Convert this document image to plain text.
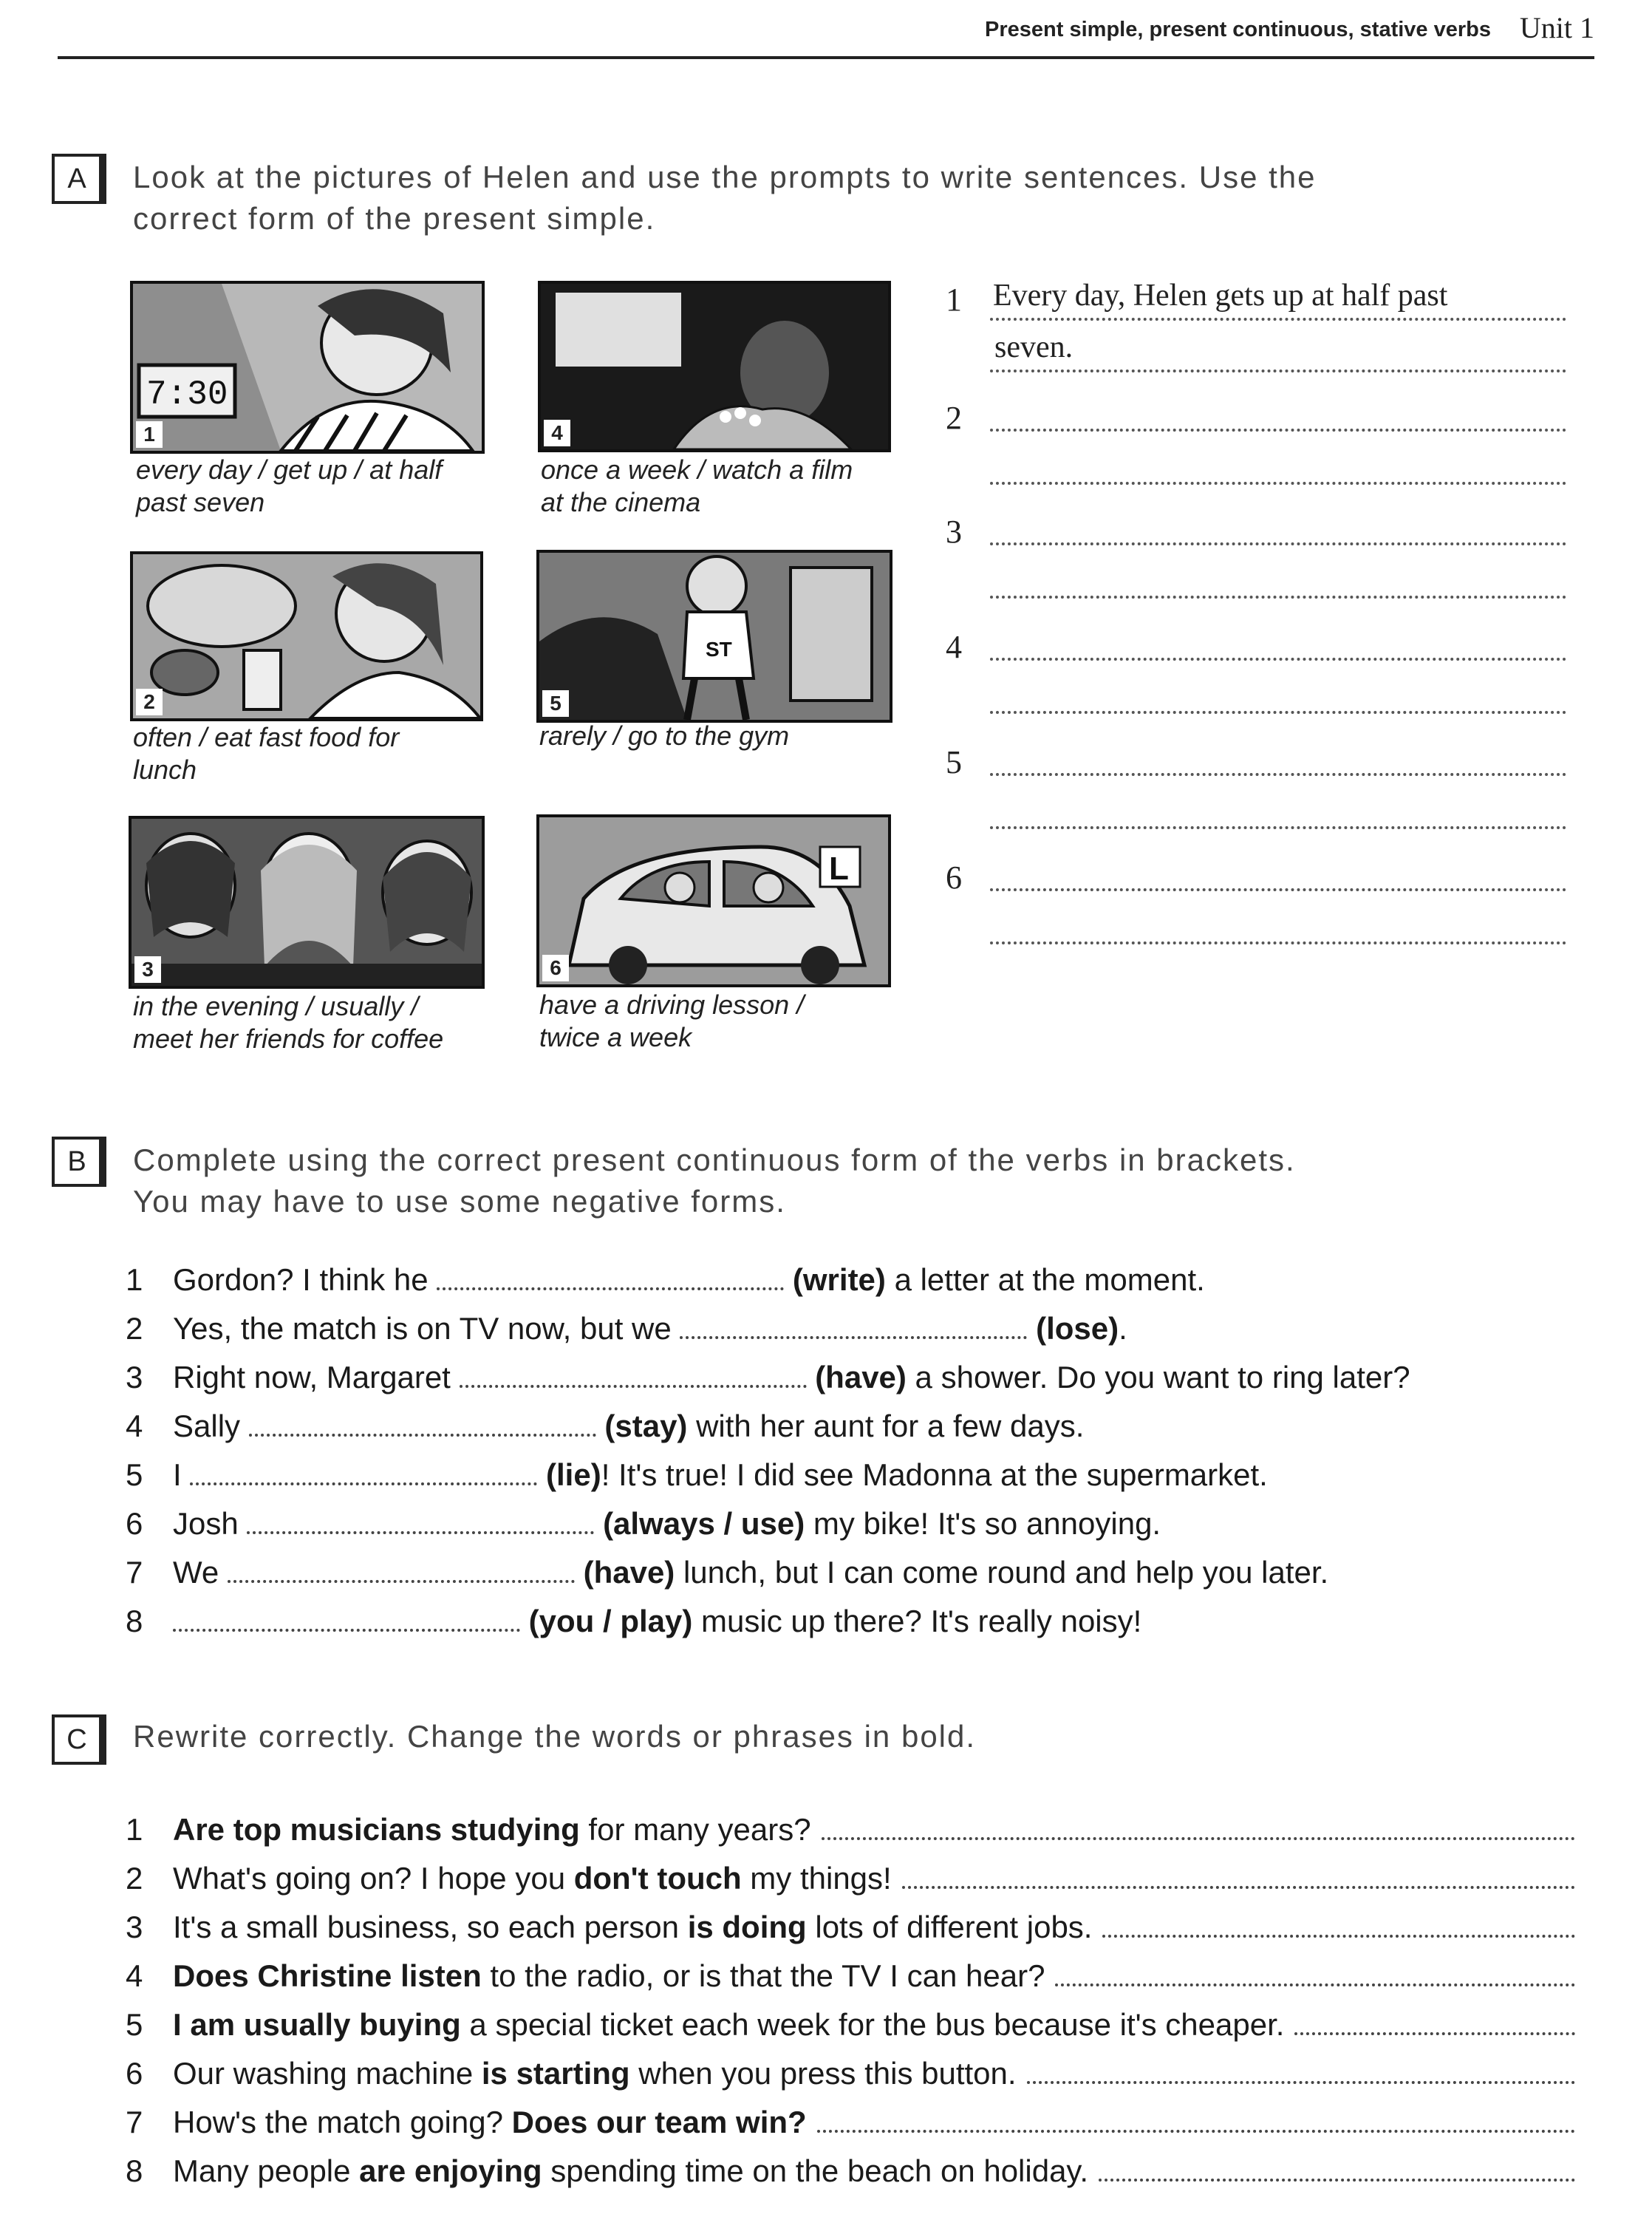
Present simple, present continuous, stative verbs Unit 1
A	Look at the pictures of Helen and use the prompts to write sentences. Use the
correct form of the present simple.
7:30
1
every day / get up / at half
past seven
4
once a week / watch a film
at the cinema
2
often / eat fast food for
lunch
ST
5
rarely / go to the gym
3
in the evening / usually /
meet her friends for coffee
L
6
have a driving lesson /
twice a week
1 Every day, Helen gets up at half past
seven.
2
3
4
5
6
B	Complete using the correct present continuous form of the verbs in brackets.
You may have to use some negative forms.
1 Gordon? I think he	(write) a letter at the moment.
2 Yes, the match is on TV now, but we	(lose).
3 Right now, Margaret	(have) a shower. Do you want to ring later?
4 Sally	(stay) with her aunt for a few days.
5 I	(lie)! It's true! I did see Madonna at the supermarket.
6 Josh	(always / use) my bike! It's so annoying.
7 We	(have) lunch, but I can come round and help you later.
8	(you / play) music up there? It's really noisy!
C	Rewrite correctly. Change the words or phrases in bold.
1 Are top musicians studying for many years?
2 What's going on? I hope you don't touch my things!
3 It's a small business, so each person is doing lots of different jobs.
4 Does Christine listen to the radio, or is that the TV I can hear?
5 I am usually buying a special ticket each week for the bus because it's cheaper.
6 Our washing machine is starting when you press this button.
7 How's the match going? Does our team win?
8 Many people are enjoying spending time on the beach on holiday.
